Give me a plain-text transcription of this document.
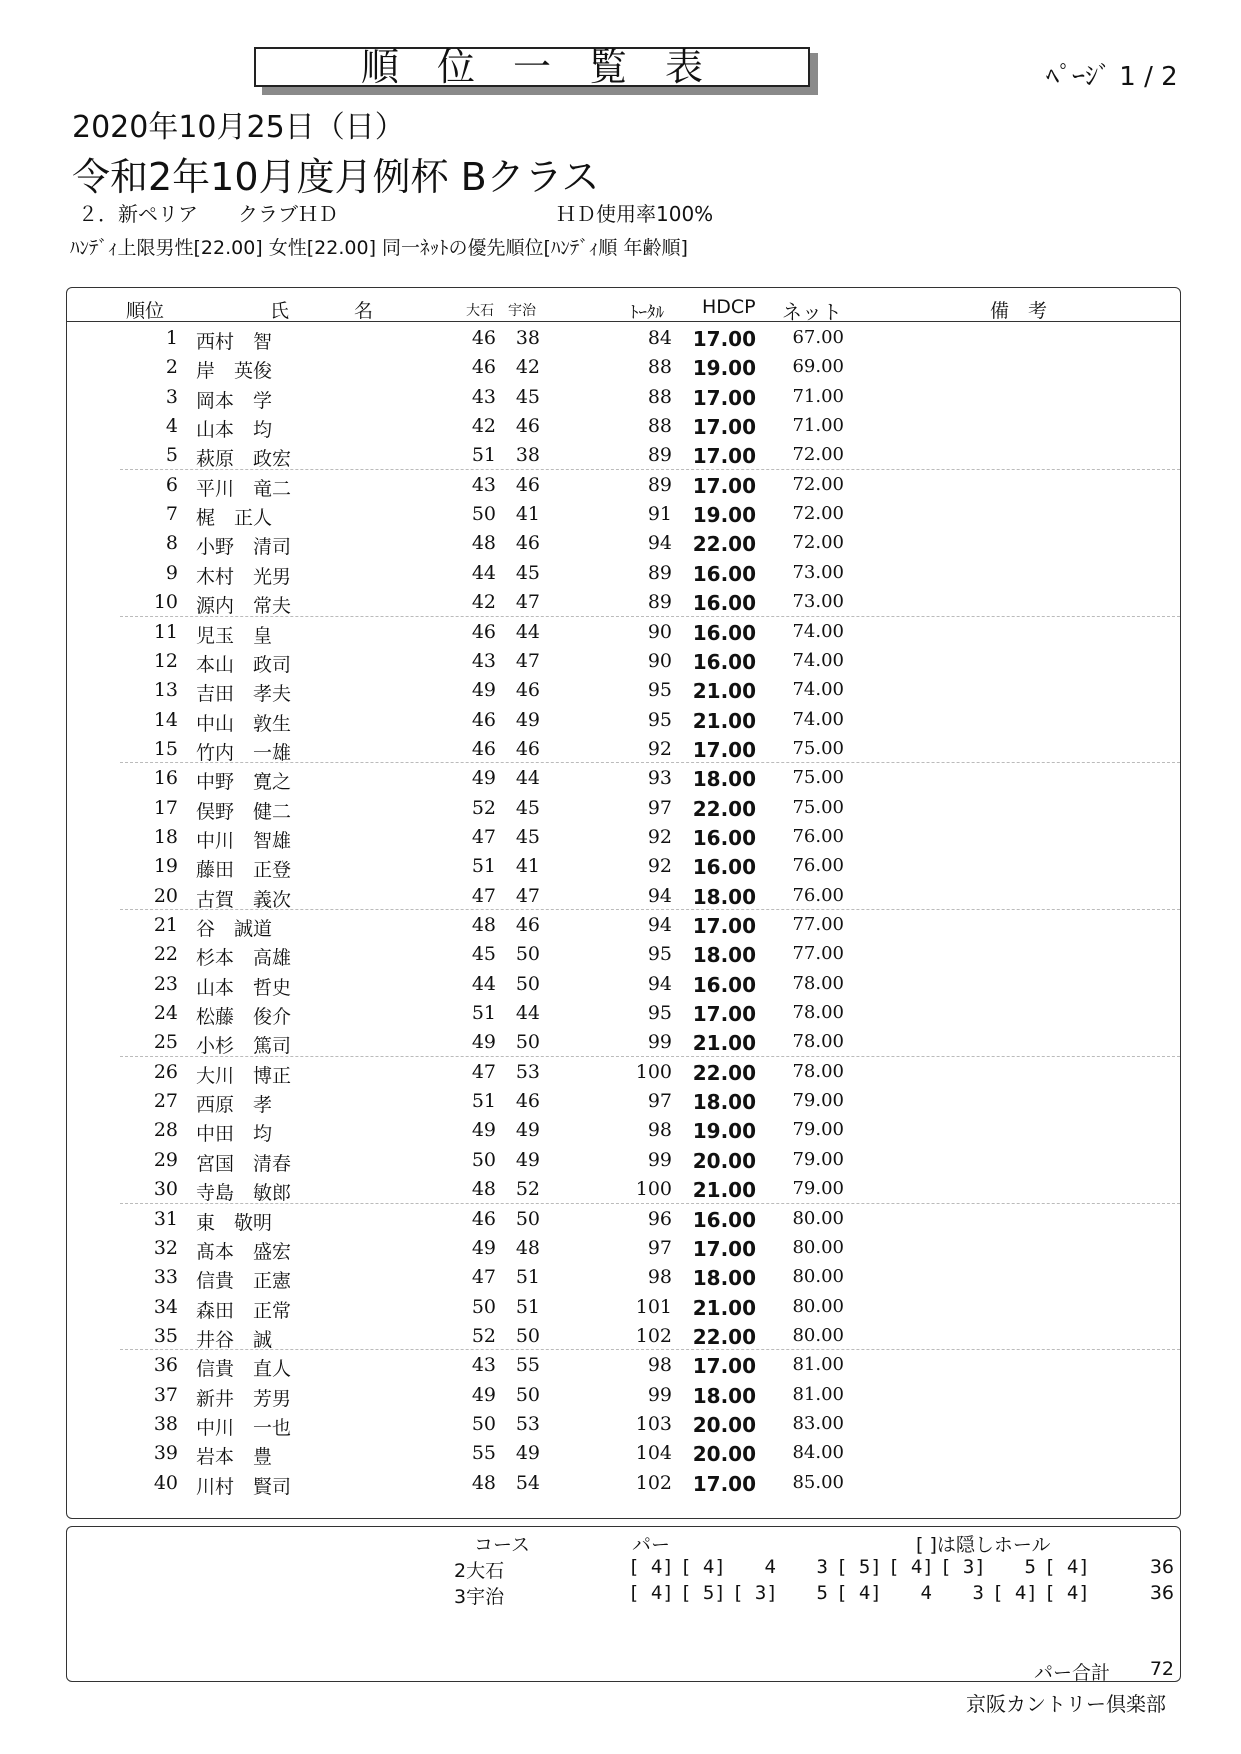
順位一覧表	ﾍﾟｰｼﾞ 1 / 2
2020年10月25日（日）
令和2年10月度月例杯 Bクラス
２．新ペリア　　クラブＨＤ	ＨＤ使用率100%
ﾊﾝﾃﾞｨ上限男性[22.00] 女性[22.00] 同一ﾈｯﾄの優先順位[ﾊﾝﾃﾞｨ順 年齢順]
順位	氏	名	大石 宇治	ﾄｰﾀﾙ HDCP ネット	備　考
1 西村　智	46 38	84 17.00	67.00
2 岸　英俊	46 42	88 19.00	69.00
3 岡本　学	43 45	88 17.00	71.00
4 山本　均	42 46	88 17.00	71.00
5 萩原　政宏	51 38	89 17.00	72.00
6 平川　竜二	43 46	89 17.00	72.00
7 梶　正人	50 41	91 19.00	72.00
8 小野　清司	48 46	94 22.00	72.00
9 木村　光男	44 45	89 16.00	73.00
10 源内　常夫	42 47	89 16.00	73.00
11 児玉　皇	46 44	90 16.00	74.00
12 本山　政司	43 47	90 16.00	74.00
13 吉田　孝夫	49 46	95 21.00	74.00
14 中山　敦生	46 49	95 21.00	74.00
15 竹内　一雄	46 46	92 17.00	75.00
16 中野　寛之	49 44	93 18.00	75.00
17 俣野　健二	52 45	97 22.00	75.00
18 中川　智雄	47 45	92 16.00	76.00
19 藤田　正登	51 41	92 16.00	76.00
20 古賀　義次	47 47	94 18.00	76.00
21 谷　誠道	48 46	94 17.00	77.00
22 杉本　高雄	45 50	95 18.00	77.00
23 山本　哲史	44 50	94 16.00	78.00
24 松藤　俊介	51 44	95 17.00	78.00
25 小杉　篤司	49 50	99 21.00	78.00
26 大川　博正	47 53	100 22.00	78.00
27 西原　孝	51 46	97 18.00	79.00
28 中田　均	49 49	98 19.00	79.00
29 宮国　清春	50 49	99 20.00	79.00
30 寺島　敏郎	48 52	100 21.00	79.00
31 東　敬明	46 50	96 16.00	80.00
32 髙本　盛宏	49 48	97 17.00	80.00
33 信貴　正憲	47 51	98 18.00	80.00
34 森田　正常	50 51	101 21.00	80.00
35 井谷　誠	52 50	102 22.00	80.00
36 信貴　直人	43 55	98 17.00	81.00
37 新井　芳男	49 50	99 18.00	81.00
38 中川　一也	50 53	103 20.00	83.00
39 岩本　豊	55 49	104 20.00	84.00
40 川村　賢司	48 54	102 17.00	85.00
コース	パー	[ ]は隠しホール
2大石	[ 4] [ 4]	4	3 [ 5] [ 4] [ 3]	5 [ 4]	36
3宇治	[ 4] [ 5] [ 3]	5 [ 4]	4	3 [ 4] [ 4]	36
パー合計 72
京阪カントリー倶楽部
